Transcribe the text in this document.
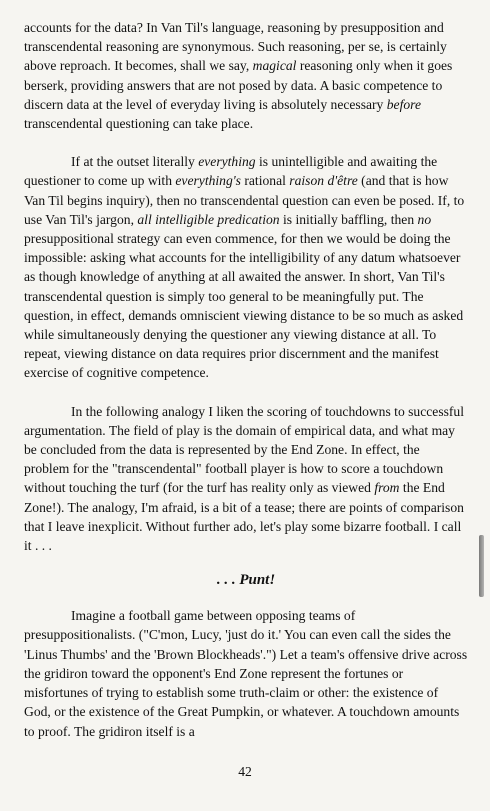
accounts for the data? In Van Til's language, reasoning by presupposition and transcendental reasoning are synonymous. Such reasoning, per se, is certainly above reproach. It becomes, shall we say, magical reasoning only when it goes berserk, providing answers that are not posed by data. A basic competence to discern data at the level of everyday living is absolutely necessary before transcendental questioning can take place.

If at the outset literally everything is unintelligible and awaiting the questioner to come up with everything's rational raison d'être (and that is how Van Til begins inquiry), then no transcendental question can even be posed. If, to use Van Til's jargon, all intelligible predication is initially baffling, then no presuppositional strategy can even commence, for then we would be doing the impossible: asking what accounts for the intelligibility of any datum whatsoever as though knowledge of anything at all awaited the answer. In short, Van Til's transcendental question is simply too general to be meaningfully put. The question, in effect, demands omniscient viewing distance to be so much as asked while simultaneously denying the questioner any viewing distance at all. To repeat, viewing distance on data requires prior discernment and the manifest exercise of cognitive competence.

In the following analogy I liken the scoring of touchdowns to successful argumentation. The field of play is the domain of empirical data, and what may be concluded from the data is represented by the End Zone. In effect, the problem for the "transcendental" football player is how to score a touchdown without touching the turf (for the turf has reality only as viewed from the End Zone!). The analogy, I'm afraid, is a bit of a tease; there are points of comparison that I leave inexplicit. Without further ado, let's play some bizarre football. I call it . . .

. . . Punt!

Imagine a football game between opposing teams of presuppositionalists. ("C'mon, Lucy, 'just do it.' You can even call the sides the 'Linus Thumbs' and the 'Brown Blockheads'.") Let a team's offensive drive across the gridiron toward the opponent's End Zone represent the fortunes or misfortunes of trying to establish some truth-claim or other: the existence of God, or the existence of the Great Pumpkin, or whatever. A touchdown amounts to proof. The gridiron itself is a

42
